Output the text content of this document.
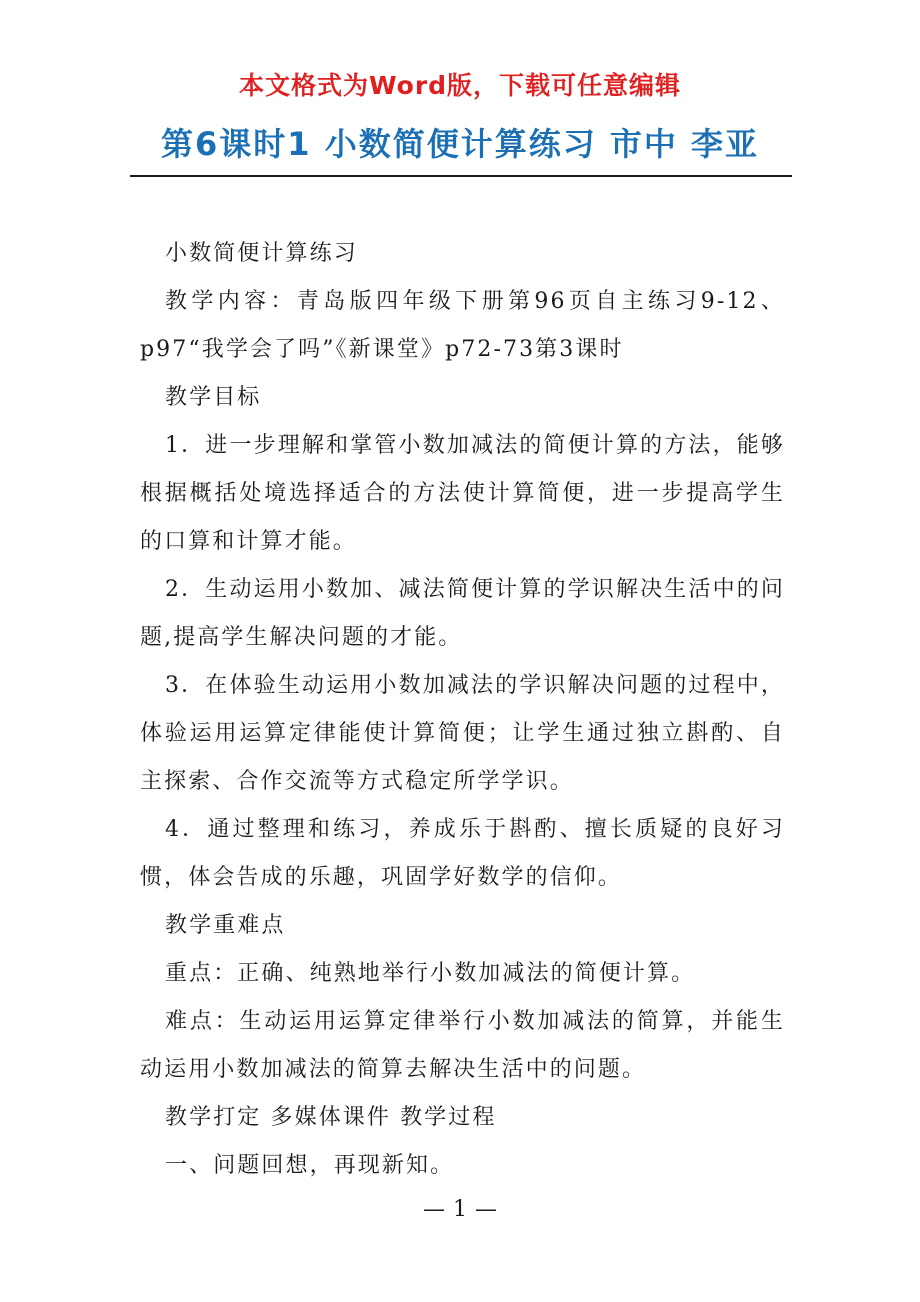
本文格式为Word版，下载可任意编辑
第6课时1 小数简便计算练习 市中 李亚

小数简便计算练习

教学内容：青岛版四年级下册第96页自主练习9-12、p97“我学会了吗”《新课堂》p72-73第3课时

教学目标

1．进一步理解和掌管小数加减法的简便计算的方法，能够根据概括处境选择适合的方法使计算简便，进一步提高学生的口算和计算才能。

2．生动运用小数加、减法简便计算的学识解决生活中的问题,提高学生解决问题的才能。

3．在体验生动运用小数加减法的学识解决问题的过程中，体验运用运算定律能使计算简便；让学生通过独立斟酌、自主探索、合作交流等方式稳定所学学识。

4．通过整理和练习，养成乐于斟酌、擅长质疑的良好习惯，体会告成的乐趣，巩固学好数学的信仰。

教学重难点

重点：正确、纯熟地举行小数加减法的简便计算。

难点：生动运用运算定律举行小数加减法的简算，并能生动运用小数加减法的简算去解决生活中的问题。

教学打定 多媒体课件 教学过程

一、问题回想，再现新知。

— 1 —
